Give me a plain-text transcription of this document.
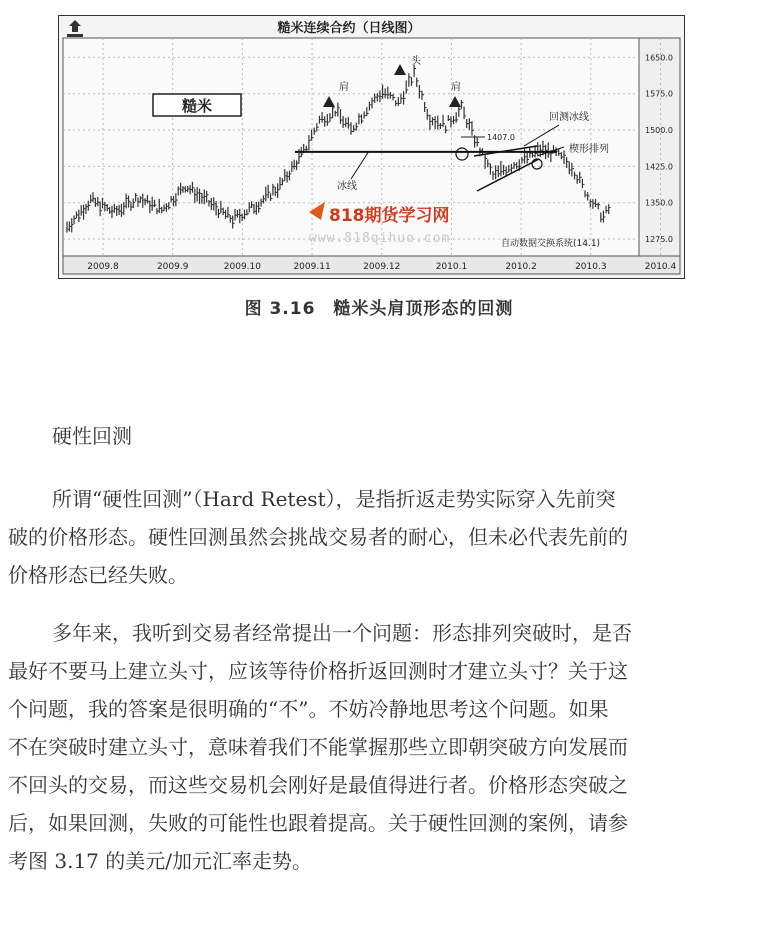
糙米连续合约（日线图）
糙米
肩
头
肩
冰线
1407.0
回测冰线
楔形排列
818期货学习网
www.818qihuo.com	自动数据交换系统(14.1)
1650.0
1575.0
1500.0
1425.0
1350.0
1275.0
2009.8	2009.9	2009.10	2009.11	2009.12	2010.1	2010.2	2010.3	2010.4
图 3.16　糙米头肩顶形态的回测
硬性回测
所谓“硬性回测”（Hard Retest），是指折返走势实际穿入先前突
破的价格形态。硬性回测虽然会挑战交易者的耐心，但未必代表先前的
价格形态已经失败。
多年来，我听到交易者经常提出一个问题：形态排列突破时，是否
最好不要马上建立头寸，应该等待价格折返回测时才建立头寸？关于这
个问题，我的答案是很明确的“不”。不妨冷静地思考这个问题。如果
不在突破时建立头寸，意味着我们不能掌握那些立即朝突破方向发展而
不回头的交易，而这些交易机会刚好是最值得进行者。价格形态突破之
后，如果回测，失败的可能性也跟着提高。关于硬性回测的案例，请参
考图 3.17 的美元/加元汇率走势。
